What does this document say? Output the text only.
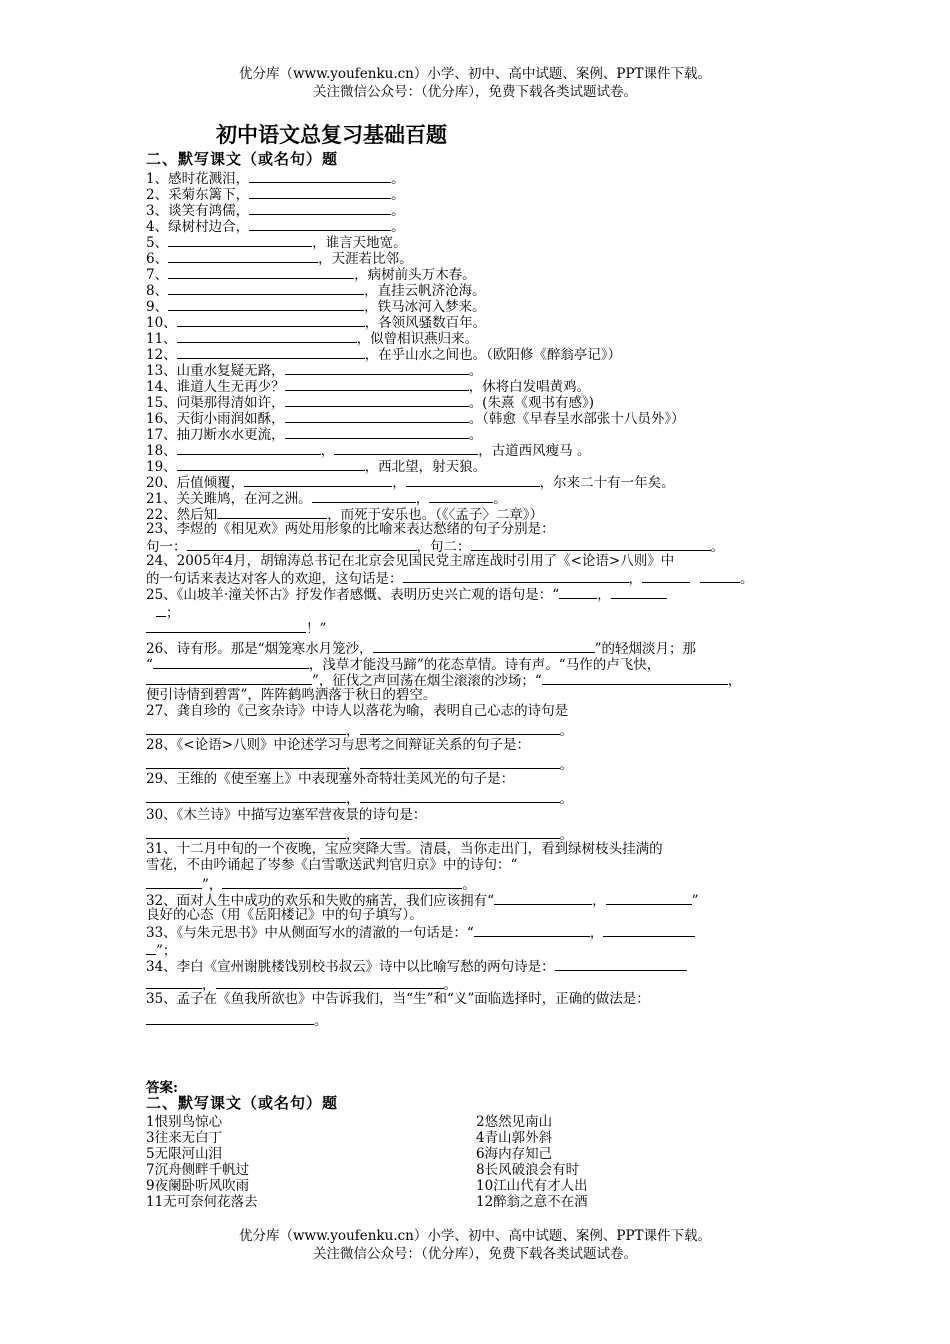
优分库（www.youfenku.cn）小学、初中、高中试题、案例、PPT课件下载。
关注微信公众号：（优分库），免费下载各类试题试卷。
初中语文总复习基础百题
二、默写课文（或名句）题
1、感时花溅泪，	。
2、采菊东篱下，	。
3、谈笑有鸿儒，	。
4、绿树村边合，	。
5、	，谁言天地宽。
6、	，天涯若比邻。
7、	，病树前头万木春。
8、	，直挂云帆济沧海。
9、	，铁马冰河入梦来。
10、	，各领风骚数百年。
11、	，似曾相识燕归来。
12、	，在乎山水之间也。（欧阳修《醉翁亭记》）
13、山重水复疑无路，	。
14、谁道人生无再少？	，休将白发唱黄鸡。
15、问渠那得清如许，	。(朱熹《观书有感》)
16、天街小雨润如酥，	。（韩愈《早春呈水部张十八员外》）
17、抽刀断水水更流，	。
18、	，	，古道西风瘦马 。
19、	，西北望，射天狼。
20、后值倾覆，	，	，尔来二十有一年矣。
21、关关雎鸠，在河之洲。	，	。
22、然后知	，而死于安乐也。（《〈孟子〉二章》）
23、李煜的《相见欢》两处用形象的比喻来表达愁绪的句子分别是：
句一：	，句二：	。
24、2005年4月，胡锦涛总书记在北京会见国民党主席连战时引用了《<论语>八则》中
的一句话来表达对客人的欢迎，这句话是：	，	。
25、《山坡羊·潼关怀古》抒发作者感慨、表明历史兴亡观的语句是：“	，
；
！”
26、诗有形。那是“烟笼寒水月笼沙，	”的轻烟淡月；那
“	，浅草才能没马蹄”的花态草情。诗有声。“马作的卢飞快，
”，征伐之声回荡在烟尘滚滚的沙场；“	，
便引诗情到碧霄”，阵阵鹤鸣洒落于秋日的碧空。
27、龚自珍的《己亥杂诗》中诗人以落花为喻，表明自己心志的诗句是
，	。
28、《<论语>八则》中论述学习与思考之间辩证关系的句子是：
，	。
29、王维的《使至塞上》中表现塞外奇特壮美风光的句子是：
，	。
30、《木兰诗》中描写边塞军营夜景的诗句是：
，	。
31、十二月中旬的一个夜晚，宝应突降大雪。清晨，当你走出门，看到绿树枝头挂满的
雪花，不由吟诵起了岑参《白雪歌送武判官归京》中的诗句：“
”，	。
32、面对人生中成功的欢乐和失败的痛苦，我们应该拥有“	，	”
良好的心态（用《岳阳楼记》中的句子填写）。
33、《与朱元思书》中从侧面写水的清澈的一句话是：“	，
”；
34、李白《宣州谢朓楼饯别校书叔云》诗中以比喻写愁的两句诗是：
，	。
35、孟子在《鱼我所欲也》中告诉我们，当“生”和“义”面临选择时，正确的做法是：
。
答案:
二、默写课文（或名句）题
1恨别鸟惊心	2悠然见南山
3往来无白丁	4青山郭外斜
5无限河山泪	6海内存知己
7沉舟侧畔千帆过	8长风破浪会有时
9夜阑卧听风吹雨	10江山代有才人出
11无可奈何花落去	12醉翁之意不在酒
优分库（www.youfenku.cn）小学、初中、高中试题、案例、PPT课件下载。
关注微信公众号：（优分库），免费下载各类试题试卷。
